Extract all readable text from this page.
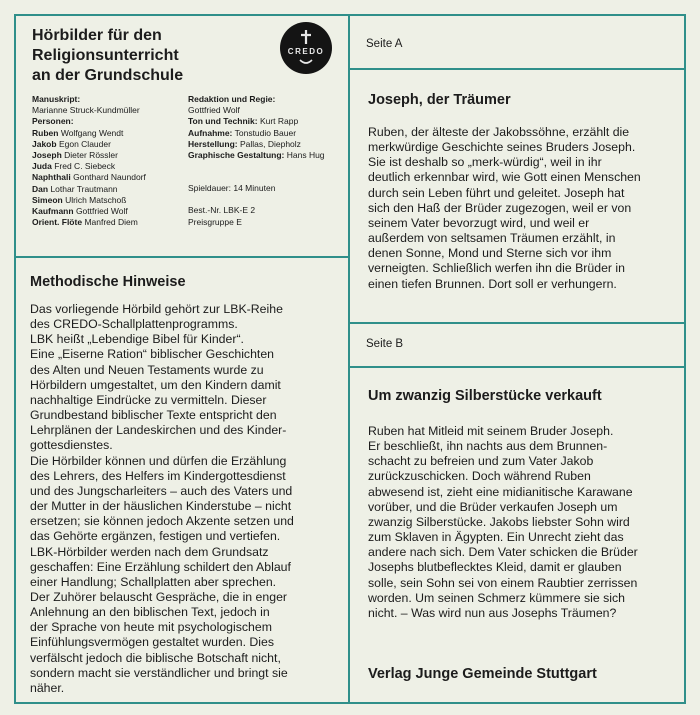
Hörbilder für den
Religionsunterricht
an der Grundschule
CREDO
Manuskript:
Marianne Struck-Kundmüller
Personen:
Ruben Wolfgang Wendt
Jakob Egon Clauder
Joseph Dieter Rössler
Juda Fred C. Siebeck
Naphthali Gonthard Naundorf
Dan Lothar Trautmann
Simeon Ulrich Matschoß
Kaufmann Gottfried Wolf
Orient. Flöte Manfred Diem
Redaktion und Regie:
Gottfried Wolf
Ton und Technik: Kurt Rapp
Aufnahme: Tonstudio Bauer
Herstellung: Pallas, Diepholz
Graphische Gestaltung: Hans Hug
Spieldauer: 14 Minuten
Best.-Nr. LBK-E 2
Preisgruppe E
Methodische Hinweise
Das vorliegende Hörbild gehört zur LBK-Reihe
des CREDO-Schallplattenprogramms.
LBK heißt „Lebendige Bibel für Kinder“.
Eine „Eiserne Ration“ biblischer Geschichten
des Alten und Neuen Testaments wurde zu
Hörbildern umgestaltet, um den Kindern damit
nachhaltige Eindrücke zu vermitteln. Dieser
Grundbestand biblischer Texte entspricht den
Lehrplänen der Landeskirchen und des Kinder-
gottesdienstes.
Die Hörbilder können und dürfen die Erzählung
des Lehrers, des Helfers im Kindergottesdienst
und des Jungscharleiters – auch des Vaters und
der Mutter in der häuslichen Kinderstube – nicht
ersetzen; sie können jedoch Akzente setzen und
das Gehörte ergänzen, festigen und vertiefen.
LBK-Hörbilder werden nach dem Grundsatz
geschaffen: Eine Erzählung schildert den Ablauf
einer Handlung; Schallplatten aber sprechen.
Der Zuhörer belauscht Gespräche, die in enger
Anlehnung an den biblischen Text, jedoch in
der Sprache von heute mit psychologischem
Einfühlungsvermögen gestaltet wurden. Dies
verfälscht jedoch die biblische Botschaft nicht,
sondern macht sie verständlicher und bringt sie
näher.
Seite A
Joseph, der Träumer
Ruben, der älteste der Jakobssöhne, erzählt die
merkwürdige Geschichte seines Bruders Joseph.
Sie ist deshalb so „merk-würdig“, weil in ihr
deutlich erkennbar wird, wie Gott einen Menschen
durch sein Leben führt und geleitet. Joseph hat
sich den Haß der Brüder zugezogen, weil er von
seinem Vater bevorzugt wird, und weil er
außerdem von seltsamen Träumen erzählt, in
denen Sonne, Mond und Sterne sich vor ihm
verneigten. Schließlich werfen ihn die Brüder in
einen tiefen Brunnen. Dort soll er verhungern.
Seite B
Um zwanzig Silberstücke verkauft
Ruben hat Mitleid mit seinem Bruder Joseph.
Er beschließt, ihn nachts aus dem Brunnen-
schacht zu befreien und zum Vater Jakob
zurückzuschicken. Doch während Ruben
abwesend ist, zieht eine midianitische Karawane
vorüber, und die Brüder verkaufen Joseph um
zwanzig Silberstücke. Jakobs liebster Sohn wird
zum Sklaven in Ägypten. Ein Unrecht zieht das
andere nach sich. Dem Vater schicken die Brüder
Josephs blutbeflecktes Kleid, damit er glauben
solle, sein Sohn sei von einem Raubtier zerrissen
worden. Um seinen Schmerz kümmere sie sich
nicht. – Was wird nun aus Josephs Träumen?
Verlag Junge Gemeinde Stuttgart
